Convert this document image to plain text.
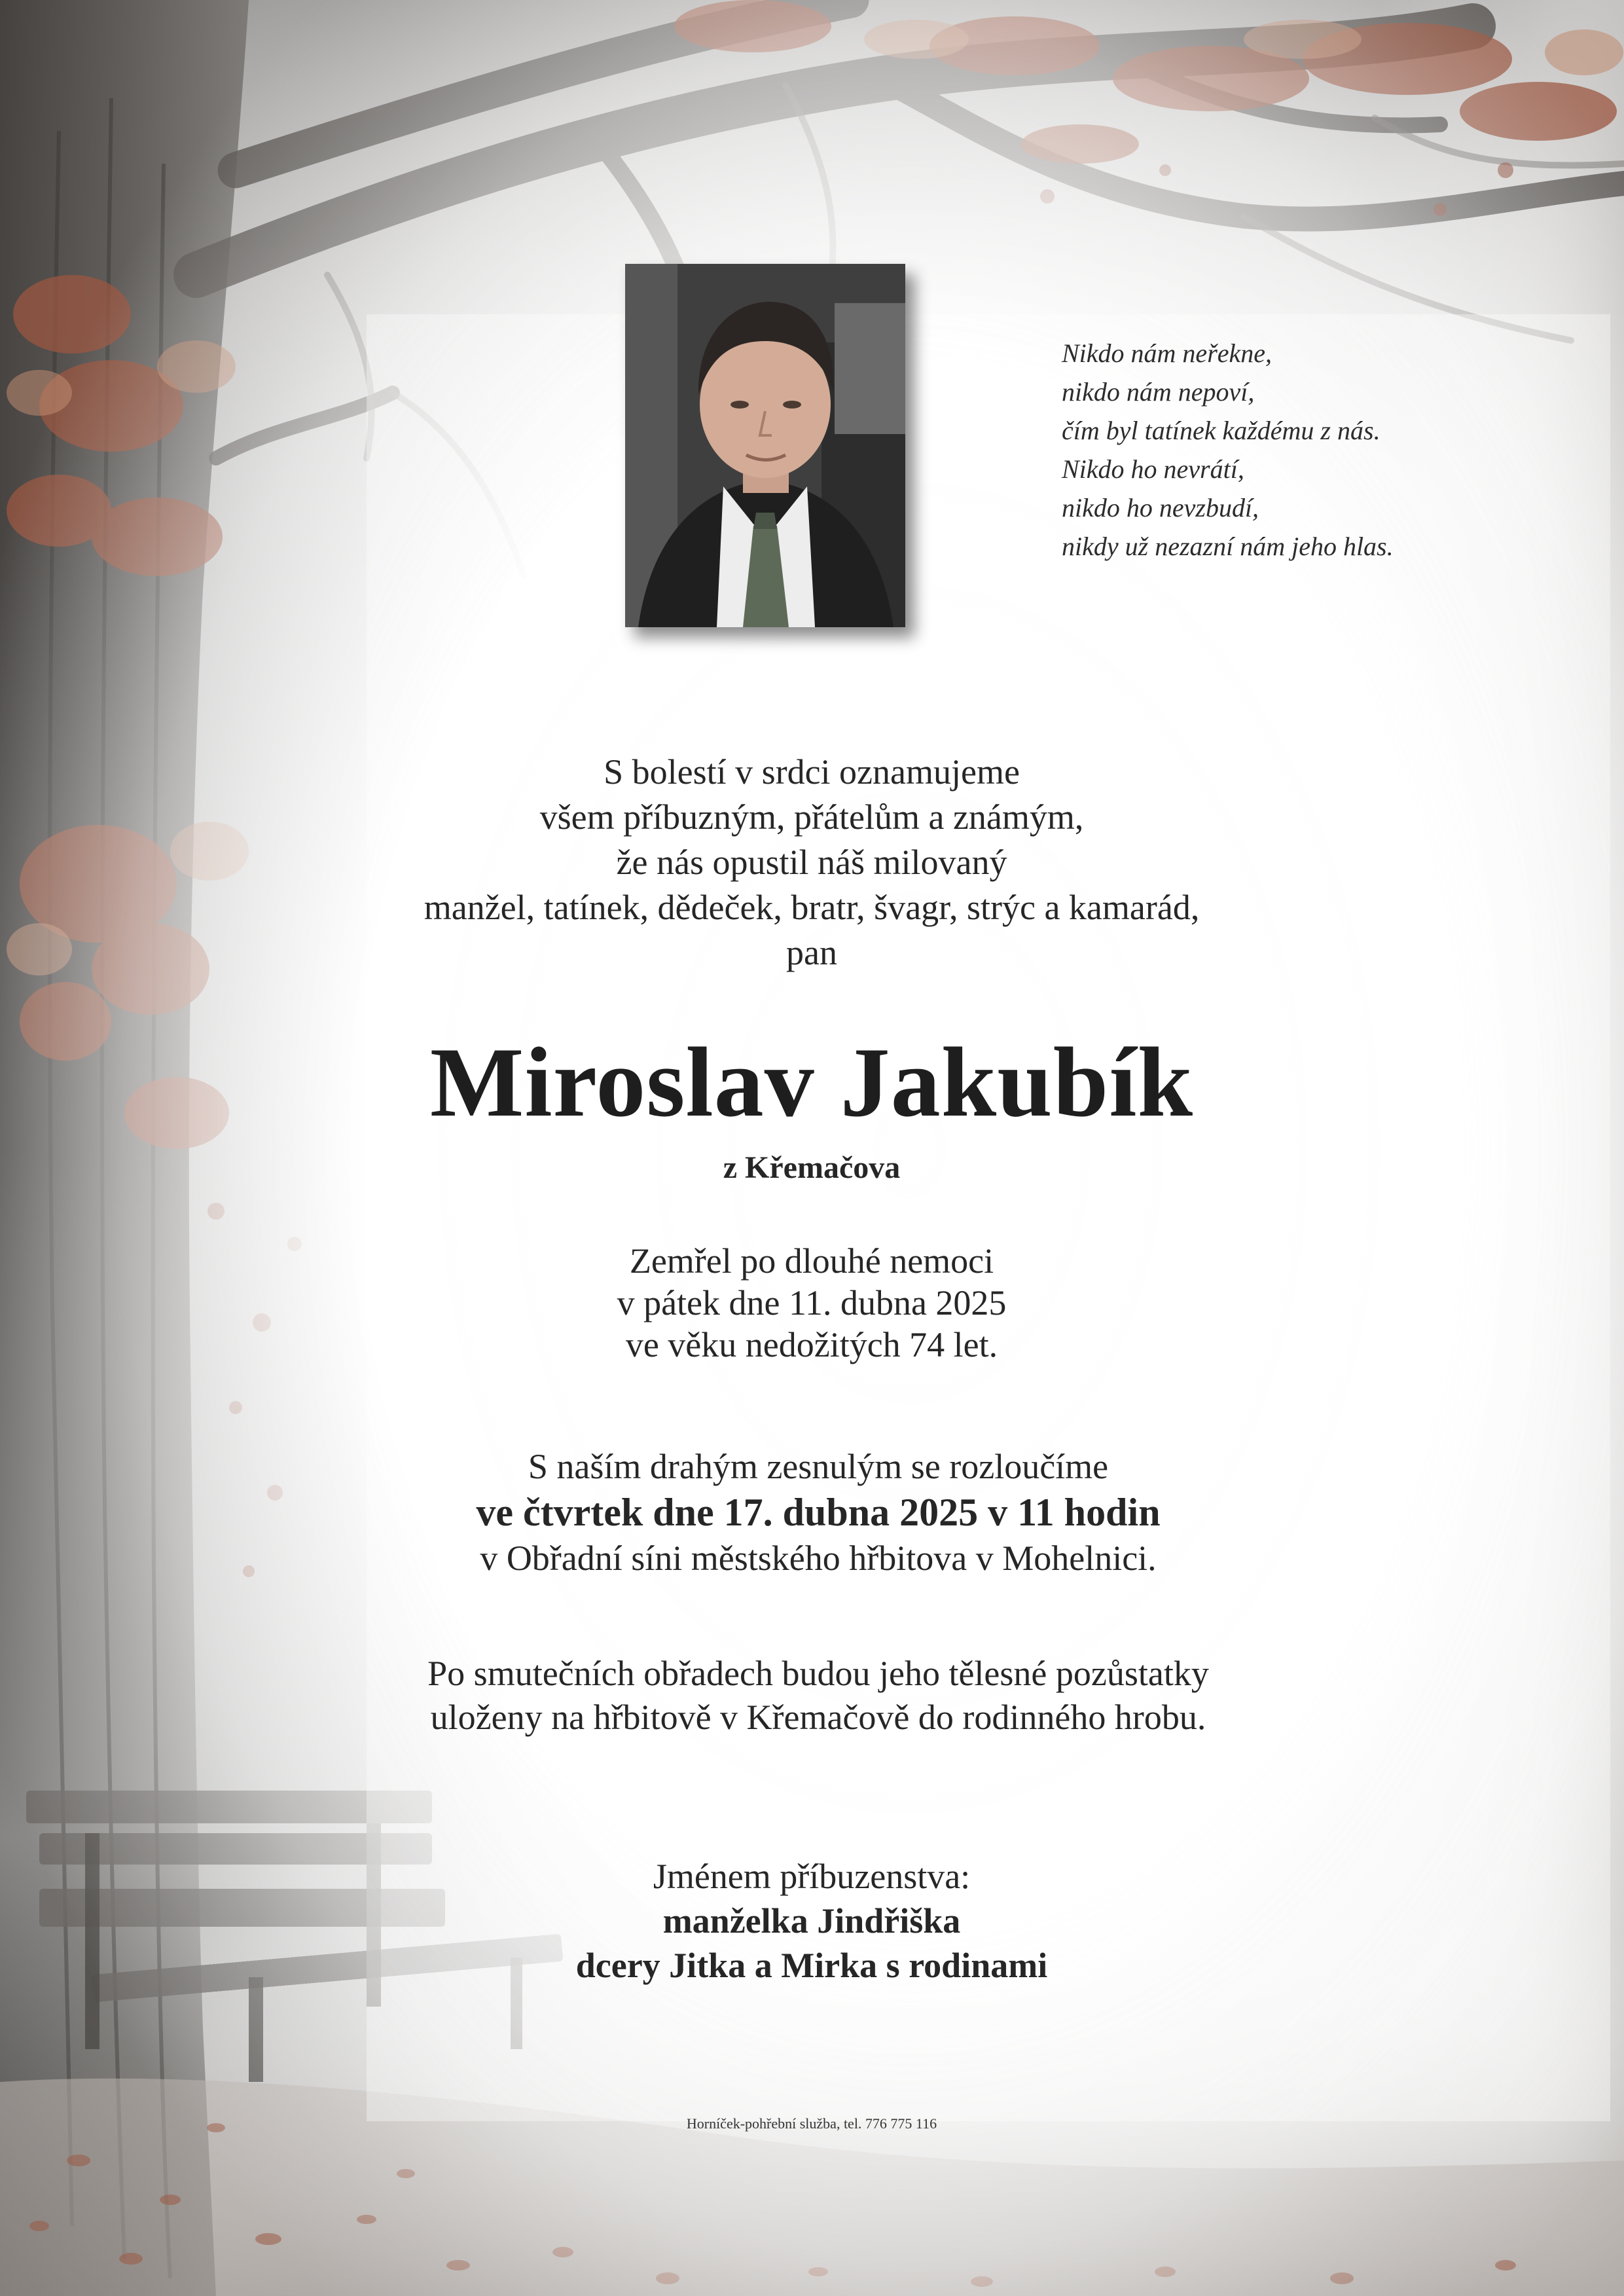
Nikdo nám neřekne,
nikdo nám nepoví,
čím byl tatínek každému z nás.
Nikdo ho nevrátí,
nikdo ho nevzbudí,
nikdy už nezazní nám jeho hlas.
S bolestí v srdci oznamujeme
všem příbuzným, přátelům a známým,
že nás opustil náš milovaný
manžel, tatínek, dědeček, bratr, švagr, strýc a kamarád,
pan
Miroslav Jakubík
z Křemačova
Zemřel po dlouhé nemoci
v pátek dne 11. dubna 2025
ve věku nedožitých 74 let.
S naším drahým zesnulým se rozloučíme
ve čtvrtek dne 17. dubna 2025 v 11 hodin
v Obřadní síni městského hřbitova v Mohelnici.
Po smutečních obřadech budou jeho tělesné pozůstatky
uloženy na hřbitově v Křemačově do rodinného hrobu.
Jménem příbuzenstva:
manželka Jindřiška
dcery Jitka a Mirka s rodinami
Horníček-pohřební služba, tel. 776 775 116
